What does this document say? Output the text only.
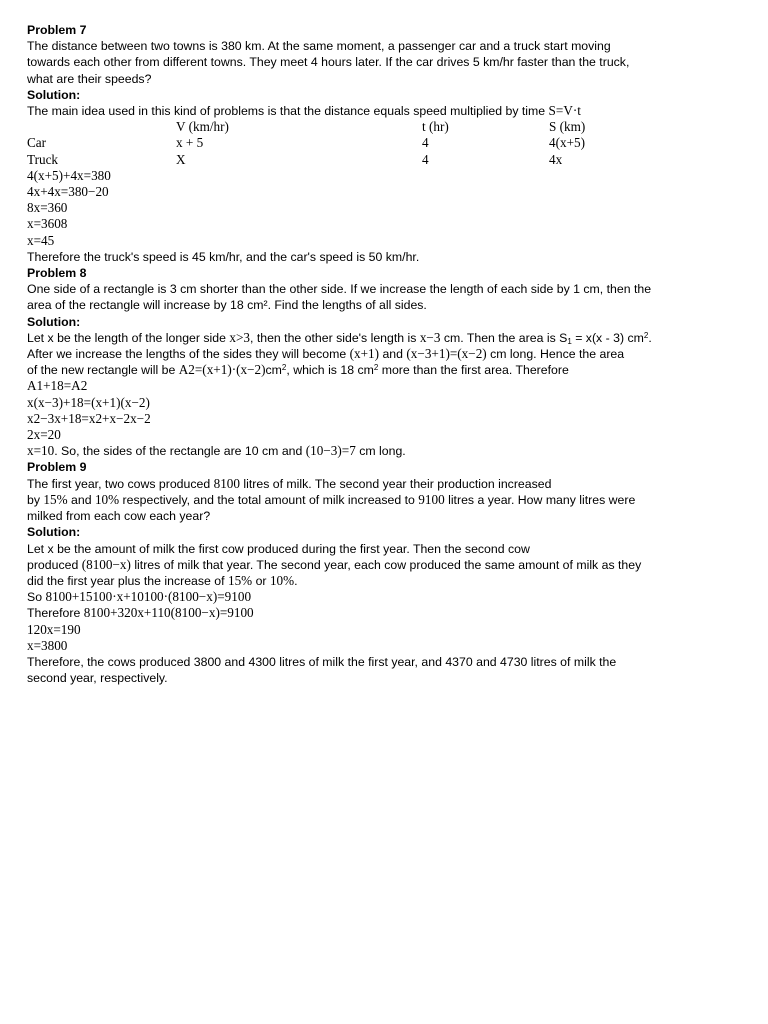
Problem 7
The distance between two towns is 380 km. At the same moment, a passenger car and a truck start moving
towards each other from different towns. They meet 4 hours later. If the car drives 5 km/hr faster than the truck,
what are their speeds?
Solution:
The main idea used in this kind of problems is that the distance equals speed multiplied by time S=V·t
	V (km/hr)	t (hr)	S (km)
Car	x + 5	4	4(x+5)
Truck	X	4	4x
4(x+5)+4x=380
4x+4x=380−20
8x=360
x=3608
x=45
Therefore the truck's speed is 45 km/hr, and the car's speed is 50 km/hr.
Problem 8
One side of a rectangle is 3 cm shorter than the other side. If we increase the length of each side by 1 cm, then the
area of the rectangle will increase by 18 cm². Find the lengths of all sides.
Solution:
Let x be the length of the longer side x>3, then the other side's length is x−3 cm. Then the area is $S_1 = x(x - 3)$ $cm^2$.
After we increase the lengths of the sides they will become (x+1) and (x−3+1)=(x−2) cm long. Hence the area
of the new rectangle will be $A2=(x+1)\cdot(x-2)cm^2$, which is 18 $cm^2$ more than the first area. Therefore
A1+18=A2
x(x−3)+18=(x+1)(x−2)
x2−3x+18=x2+x−2x−2
2x=20
x=10. So, the sides of the rectangle are 10 cm and (10−3)=7 cm long.
Problem 9
The first year, two cows produced 8100 litres of milk. The second year their production increased
by 15% and 10% respectively, and the total amount of milk increased to 9100 litres a year. How many litres were
milked from each cow each year?
Solution:
Let x be the amount of milk the first cow produced during the first year. Then the second cow
produced (8100−x) litres of milk that year. The second year, each cow produced the same amount of milk as they
did the first year plus the increase of 15% or 10%.
So 8100+15100·x+10100·(8100−x)=9100
Therefore 8100+320x+110(8100−x)=9100
120x=190
x=3800
Therefore, the cows produced 3800 and 4300 litres of milk the first year, and 4370 and 4730 litres of milk the
second year, respectively.
